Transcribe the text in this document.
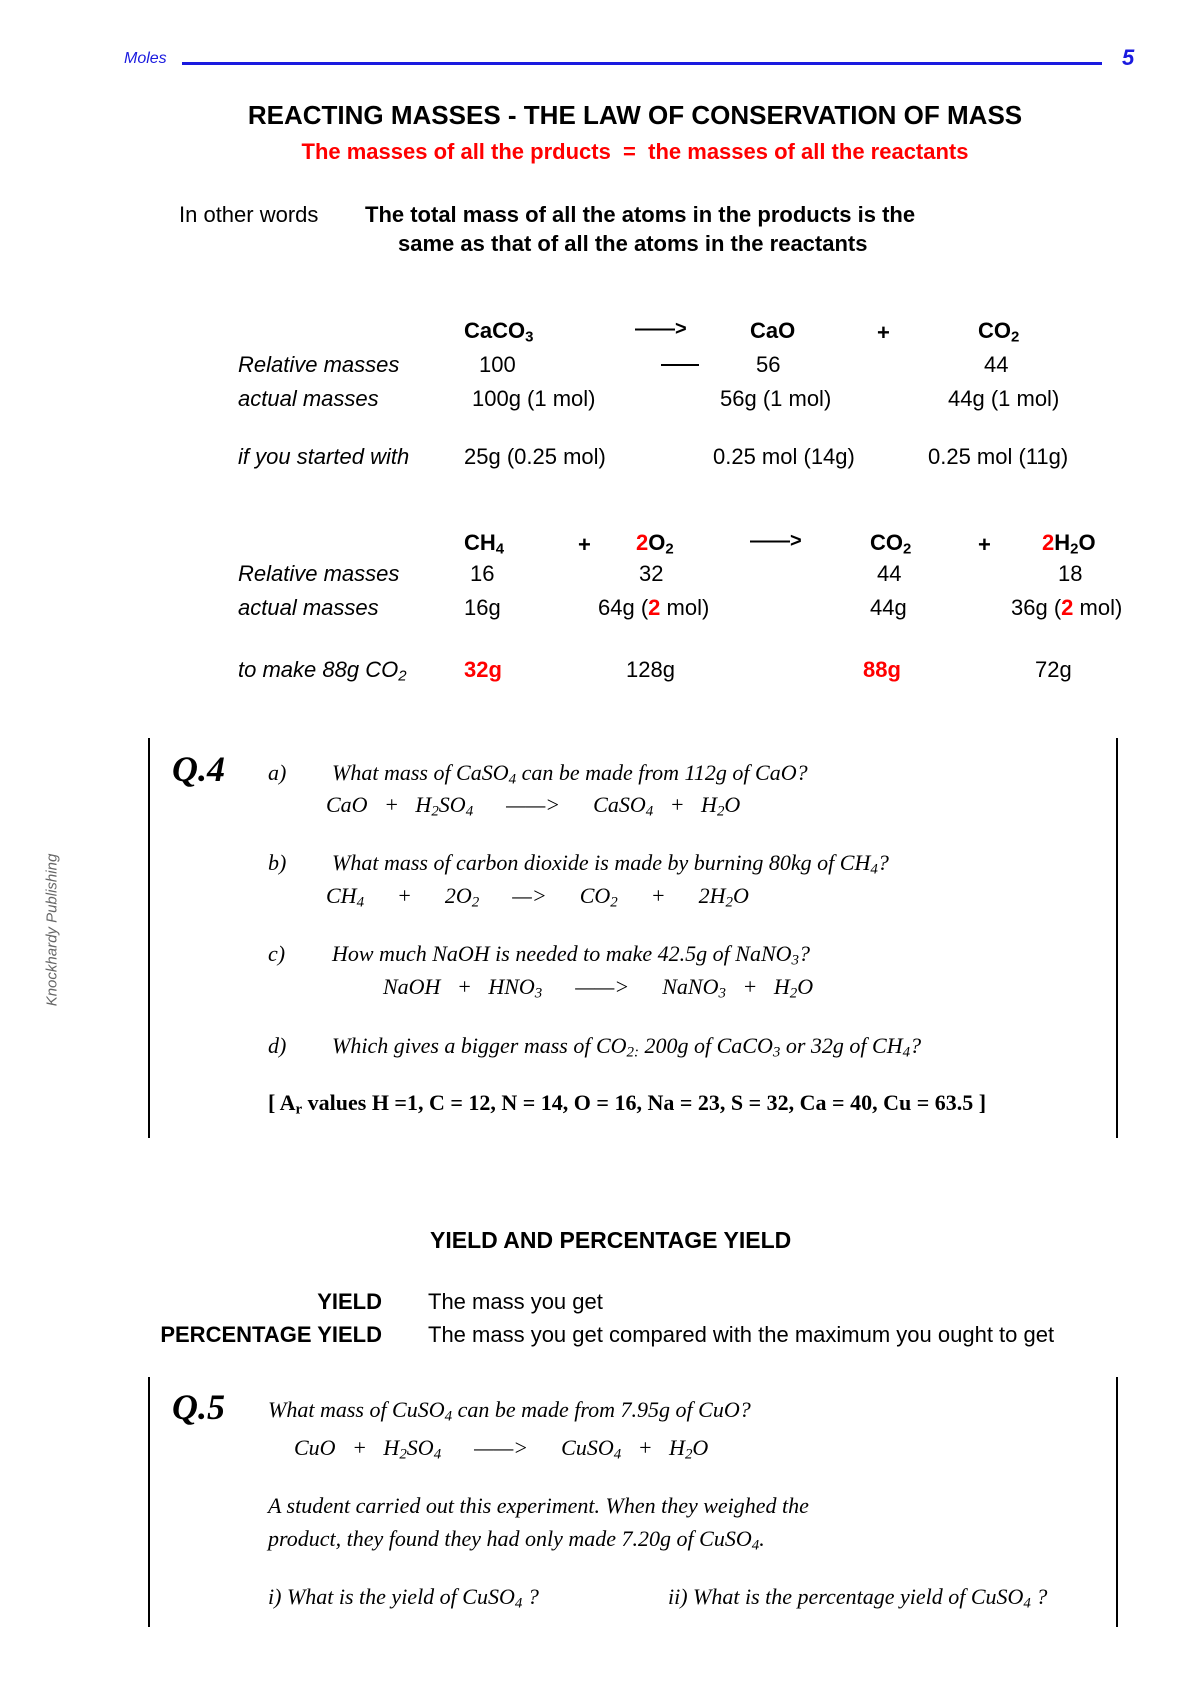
Moles	5
Knockhardy Publishing
REACTING MASSES - THE LAW OF CONSERVATION OF MASS
The masses of all the prducts = the masses of all the reactants
In other words The total mass of all the atoms in the products is the
same as that of all the atoms in the reactants
CaCO$_3$	——>	CaO	+	$CO_2$
Relative masses	100	56	44
actual masses	100g (1 mol)	56g (1 mol)	44g (1 mol)
if you started with 25g (0.25 mol)	0.25 mol (14g)	0.25 mol (11g)
$CH_4$	+ $2O_2$	——>	$CO_2$	+ $2H_2O$
Relative masses	16	32	44	18
actual masses	16g	64g (2 mol)	44g	36g (2 mol)
to make 88g $CO_2$	32g	128g	88g	72g
Q.4 a) What mass of CaSO$_4$ can be made from 112g of CaO?
CaO + $H_2SO_4$ ——> CaSO$_4$ + $H_2O$
b) What mass of carbon dioxide is made by burning 80kg of $CH_4$?
$CH_4 + 2O_2$ —> $CO_2 + 2H_2O$
c) How much NaOH is needed to make 42.5g of NaNO$_3$?
NaOH + $HNO_3$ ——> NaNO$_3$ + $H_2O$
d) Which gives a bigger mass of $CO_{2:}$ 200g of CaCO$_3$ or 32g of $CH_4$?
[ $A_r$ values H =1, C = 12, N = 14, O = 16, Na = 23, S = 32, Ca = 40, Cu = 63.5 ]
YIELD AND PERCENTAGE YIELD
YIELD The mass you get
PERCENTAGE YIELD The mass you get compared with the maximum you ought to get
Q.5 What mass of CuSO$_4$ can be made from 7.95g of CuO?
CuO + $H_2SO_4$ ——> CuSO$_4$ + $H_2O$
A student carried out this experiment. When they weighed the
product, they found they had only made 7.20g of CuSO$_4$.
i) What is the yield of CuSO$_4$ ?	ii) What is the percentage yield of CuSO$_4$ ?
